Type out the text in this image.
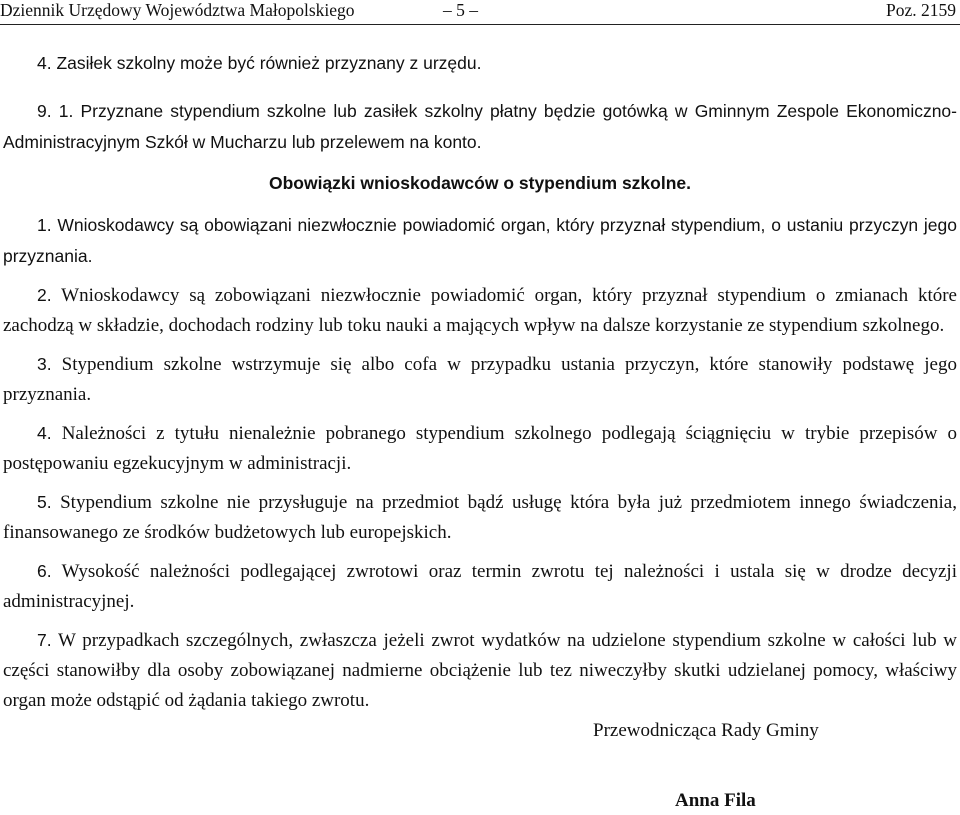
Dziennik Urzędowy Województwa Małopolskiego	– 5 –	Poz. 2159

4. Zasiłek szkolny może być również przyznany z urzędu.

9. 1. Przyznane stypendium szkolne lub zasiłek szkolny płatny będzie gotówką w Gminnym Zespole Ekonomiczno-Administracyjnym Szkół w Mucharzu lub przelewem na konto.

Obowiązki wnioskodawców o stypendium szkolne.

1. Wnioskodawcy są obowiązani niezwłocznie powiadomić organ, który przyznał stypendium, o ustaniu przyczyn jego przyznania.

2. Wnioskodawcy są zobowiązani niezwłocznie powiadomić organ, który przyznał stypendium o zmianach które zachodzą w składzie, dochodach rodziny lub toku nauki a mających wpływ na dalsze korzystanie ze stypendium szkolnego.

3. Stypendium szkolne wstrzymuje się albo cofa w przypadku ustania przyczyn, które stanowiły podstawę jego przyznania.

4. Należności z tytułu nienależnie pobranego stypendium szkolnego podlegają ściągnięciu w trybie przepisów o postępowaniu egzekucyjnym w administracji.

5. Stypendium szkolne nie przysługuje na przedmiot bądź usługę która była już przedmiotem innego świadczenia, finansowanego ze środków budżetowych lub europejskich.

6. Wysokość należności podlegającej zwrotowi oraz termin zwrotu tej należności i ustala się w drodze decyzji administracyjnej.

7. W przypadkach szczególnych, zwłaszcza jeżeli zwrot wydatków na udzielone stypendium szkolne w całości lub w części stanowiłby dla osoby zobowiązanej nadmierne obciążenie lub tez niweczyłby skutki udzielanej pomocy, właściwy organ może odstąpić od żądania takiego zwrotu.

Przewodnicząca Rady Gminy
Anna Fila
